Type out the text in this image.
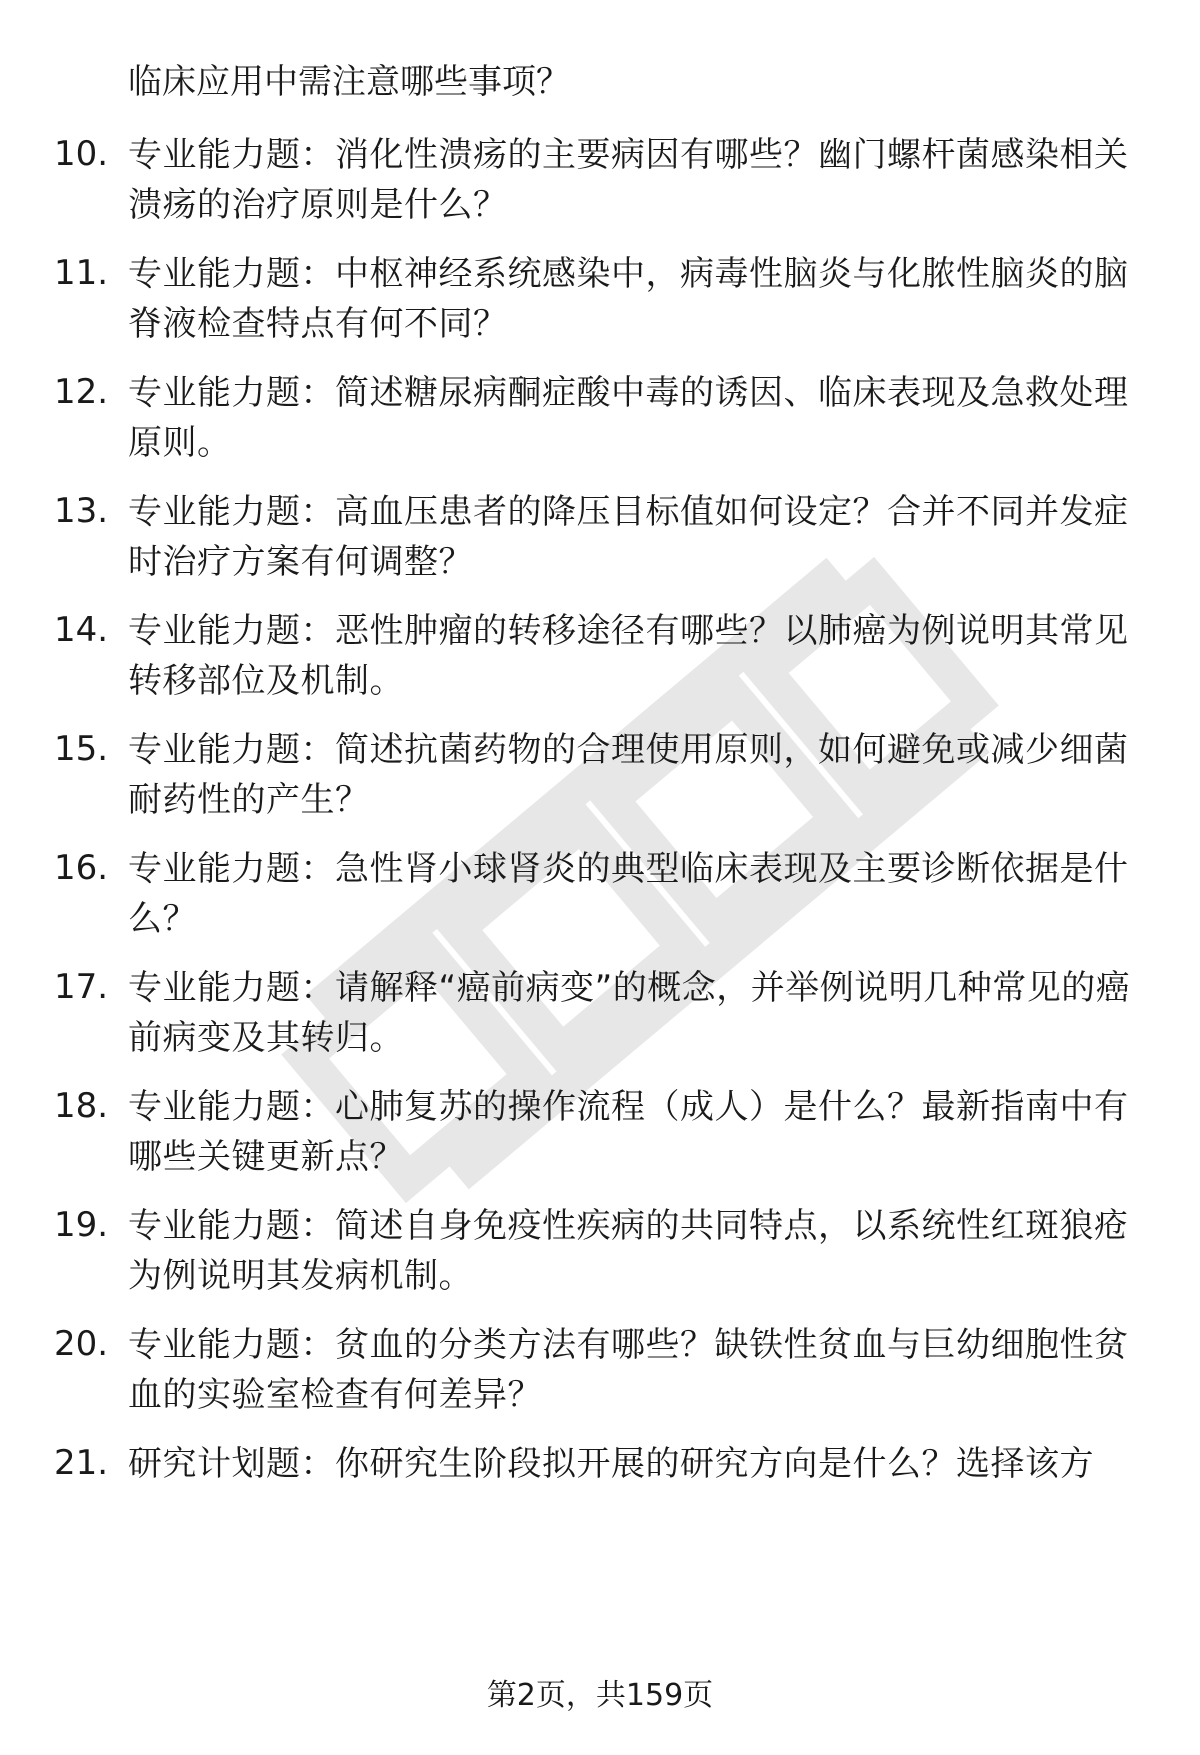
临床应用中需注意哪些事项？
10. 专业能力题：消化性溃疡的主要病因有哪些？幽门螺杆菌感染相关溃疡的治疗原则是什么？
11. 专业能力题：中枢神经系统感染中，病毒性脑炎与化脓性脑炎的脑脊液检查特点有何不同？
12. 专业能力题：简述糖尿病酮症酸中毒的诱因、临床表现及急救处理原则。
13. 专业能力题：高血压患者的降压目标值如何设定？合并不同并发症时治疗方案有何调整？
14. 专业能力题：恶性肿瘤的转移途径有哪些？以肺癌为例说明其常见转移部位及机制。
15. 专业能力题：简述抗菌药物的合理使用原则，如何避免或减少细菌耐药性的产生？
16. 专业能力题：急性肾小球肾炎的典型临床表现及主要诊断依据是什么？
17. 专业能力题：请解释“癌前病变”的概念，并举例说明几种常见的癌前病变及其转归。
18. 专业能力题：心肺复苏的操作流程（成人）是什么？最新指南中有哪些关键更新点？
19. 专业能力题：简述自身免疫性疾病的共同特点，以系统性红斑狼疮为例说明其发病机制。
20. 专业能力题：贫血的分类方法有哪些？缺铁性贫血与巨幼细胞性贫血的实验室检查有何差异？
21. 研究计划题：你研究生阶段拟开展的研究方向是什么？选择该方
第2页，共159页
